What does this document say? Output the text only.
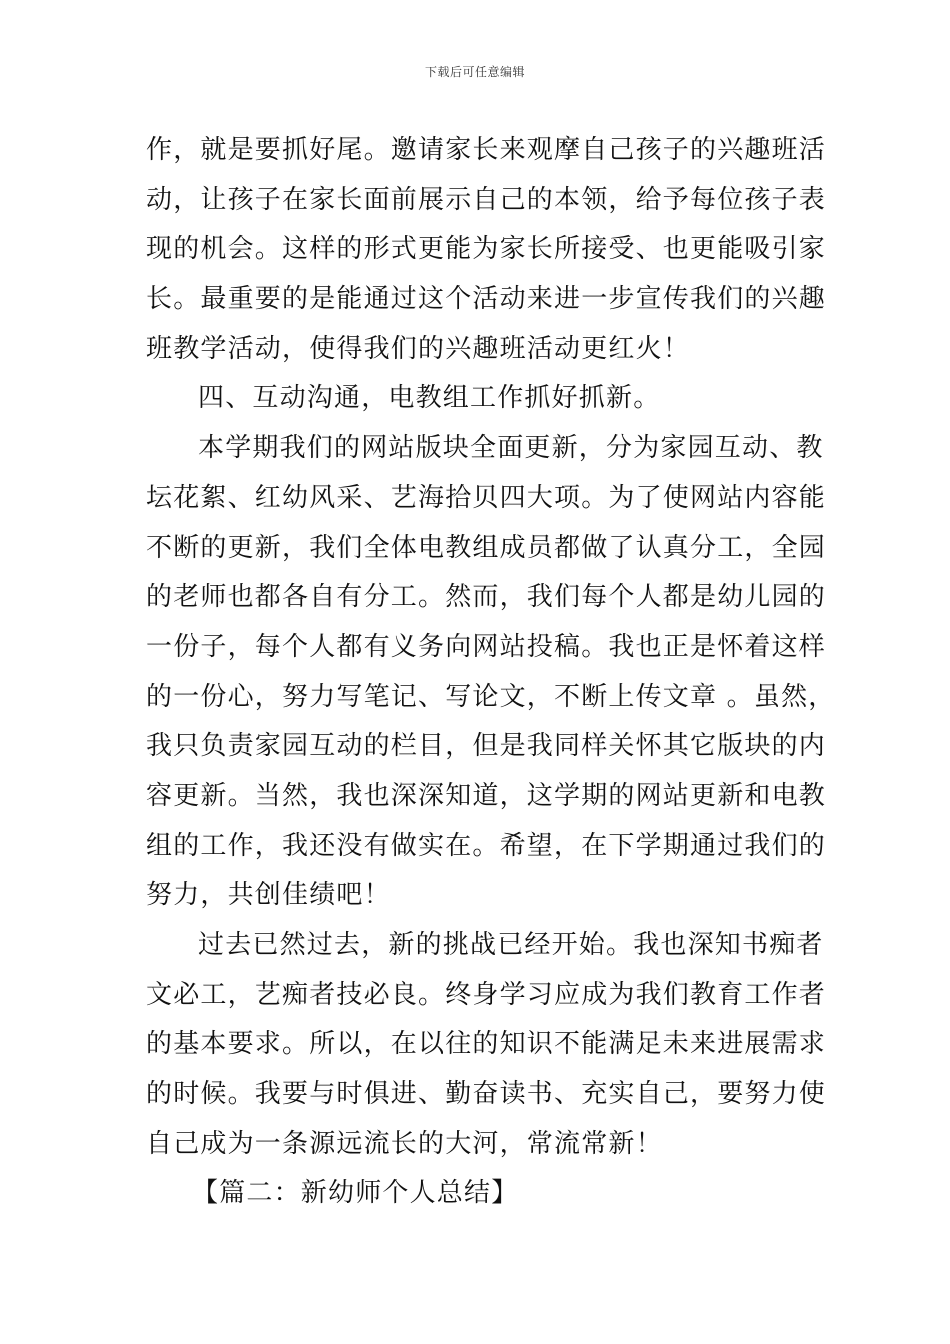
下载后可任意编辑
作，就是要抓好尾。邀请家长来观摩自己孩子的兴趣班活
动，让孩子在家长面前展示自己的本领，给予每位孩子表
现的机会。这样的形式更能为家长所接受、也更能吸引家
长。最重要的是能通过这个活动来进一步宣传我们的兴趣
班教学活动，使得我们的兴趣班活动更红火！
四、互动沟通，电教组工作抓好抓新。
本学期我们的网站版块全面更新，分为家园互动、教
坛花絮、红幼风采、艺海拾贝四大项。为了使网站内容能
不断的更新，我们全体电教组成员都做了认真分工，全园
的老师也都各自有分工。然而，我们每个人都是幼儿园的
一份子，每个人都有义务向网站投稿。我也正是怀着这样
的一份心，努力写笔记、写论文，不断上传文章 。虽然，
我只负责家园互动的栏目，但是我同样关怀其它版块的内
容更新。当然，我也深深知道，这学期的网站更新和电教
组的工作，我还没有做实在。希望，在下学期通过我们的
努力，共创佳绩吧！
过去已然过去，新的挑战已经开始。我也深知书痴者
文必工，艺痴者技必良。终身学习应成为我们教育工作者
的基本要求。所以，在以往的知识不能满足未来进展需求
的时候。我要与时俱进、勤奋读书、充实自己，要努力使
自己成为一条源远流长的大河，常流常新！
【篇二：新幼师个人总结】
